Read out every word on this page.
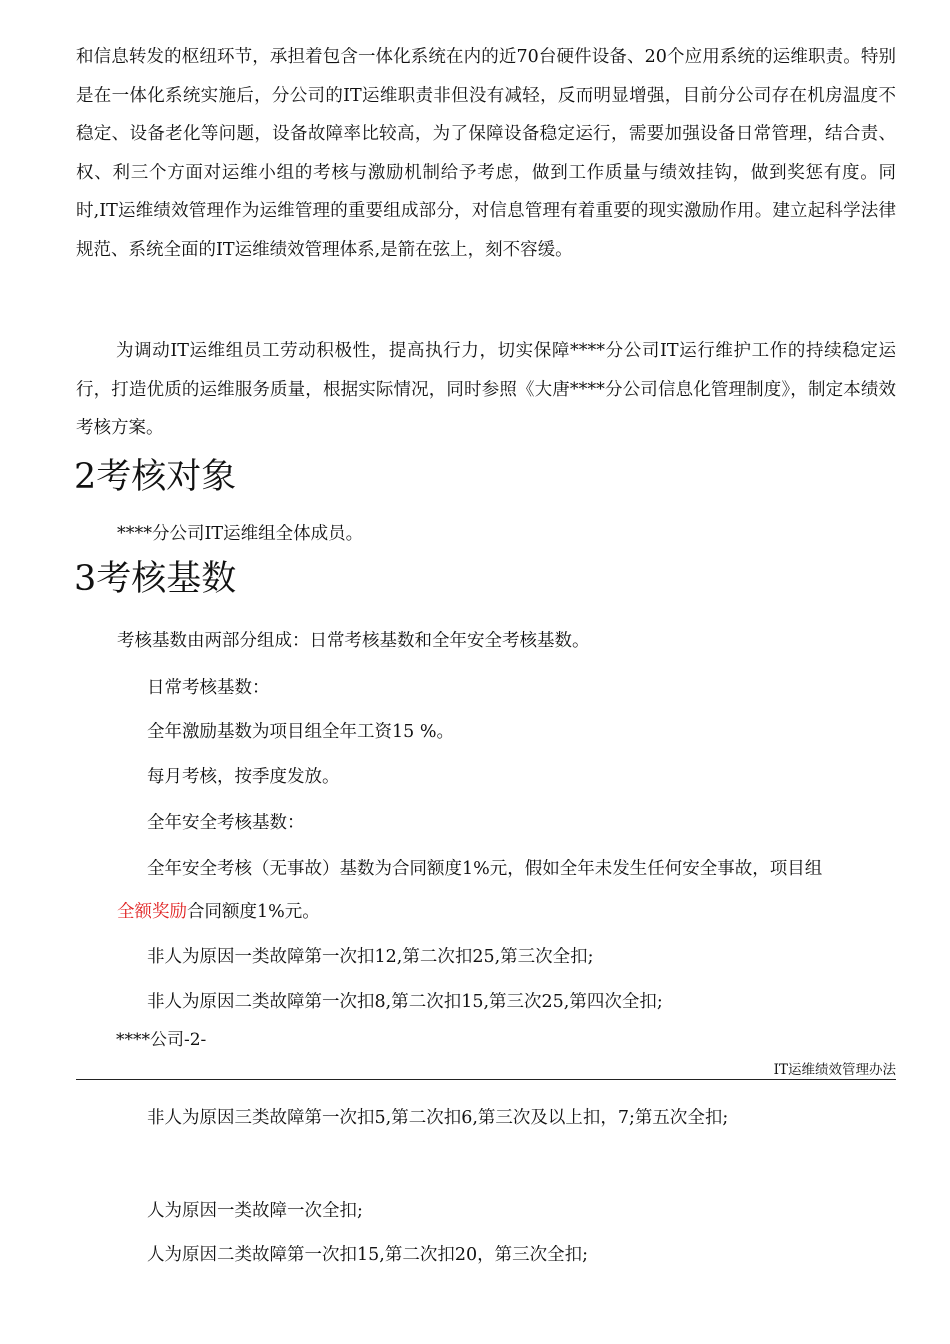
和信息转发的枢纽环节，承担着包含一体化系统在内的近70台硬件设备、20个应用系统的运维职责。特别是在一体化系统实施后，分公司的IT运维职责非但没有减轻，反而明显增强，目前分公司存在机房温度不稳定、设备老化等问题，设备故障率比较高，为了保障设备稳定运行，需要加强设备日常管理，结合责、权、利三个方面对运维小组的考核与激励机制给予考虑，做到工作质量与绩效挂钩，做到奖惩有度。同时,IT运维绩效管理作为运维管理的重要组成部分，对信息管理有着重要的现实激励作用。建立起科学法律规范、系统全面的IT运维绩效管理体系,是箭在弦上，刻不容缓。

为调动IT运维组员工劳动积极性，提高执行力，切实保障****分公司IT运行维护工作的持续稳定运行，打造优质的运维服务质量，根据实际情况，同时参照《大唐****分公司信息化管理制度》，制定本绩效考核方案。

2考核对象

****分公司IT运维组全体成员。

3考核基数

考核基数由两部分组成：日常考核基数和全年安全考核基数。

日常考核基数：

全年激励基数为项目组全年工资15 %。

每月考核，按季度发放。

全年安全考核基数：

全年安全考核（无事故）基数为合同额度1%元，假如全年未发生任何安全事故，项目组

全额奖励合同额度1%元。

非人为原因一类故障第一次扣12,第二次扣25,第三次全扣;

非人为原因二类故障第一次扣8,第二次扣15,第三次25,第四次全扣;

****公司-2-
IT运维绩效管理办法

非人为原因三类故障第一次扣5,第二次扣6,第三次及以上扣，7;第五次全扣;

人为原因一类故障一次全扣;

人为原因二类故障第一次扣15,第二次扣20，第三次全扣;
